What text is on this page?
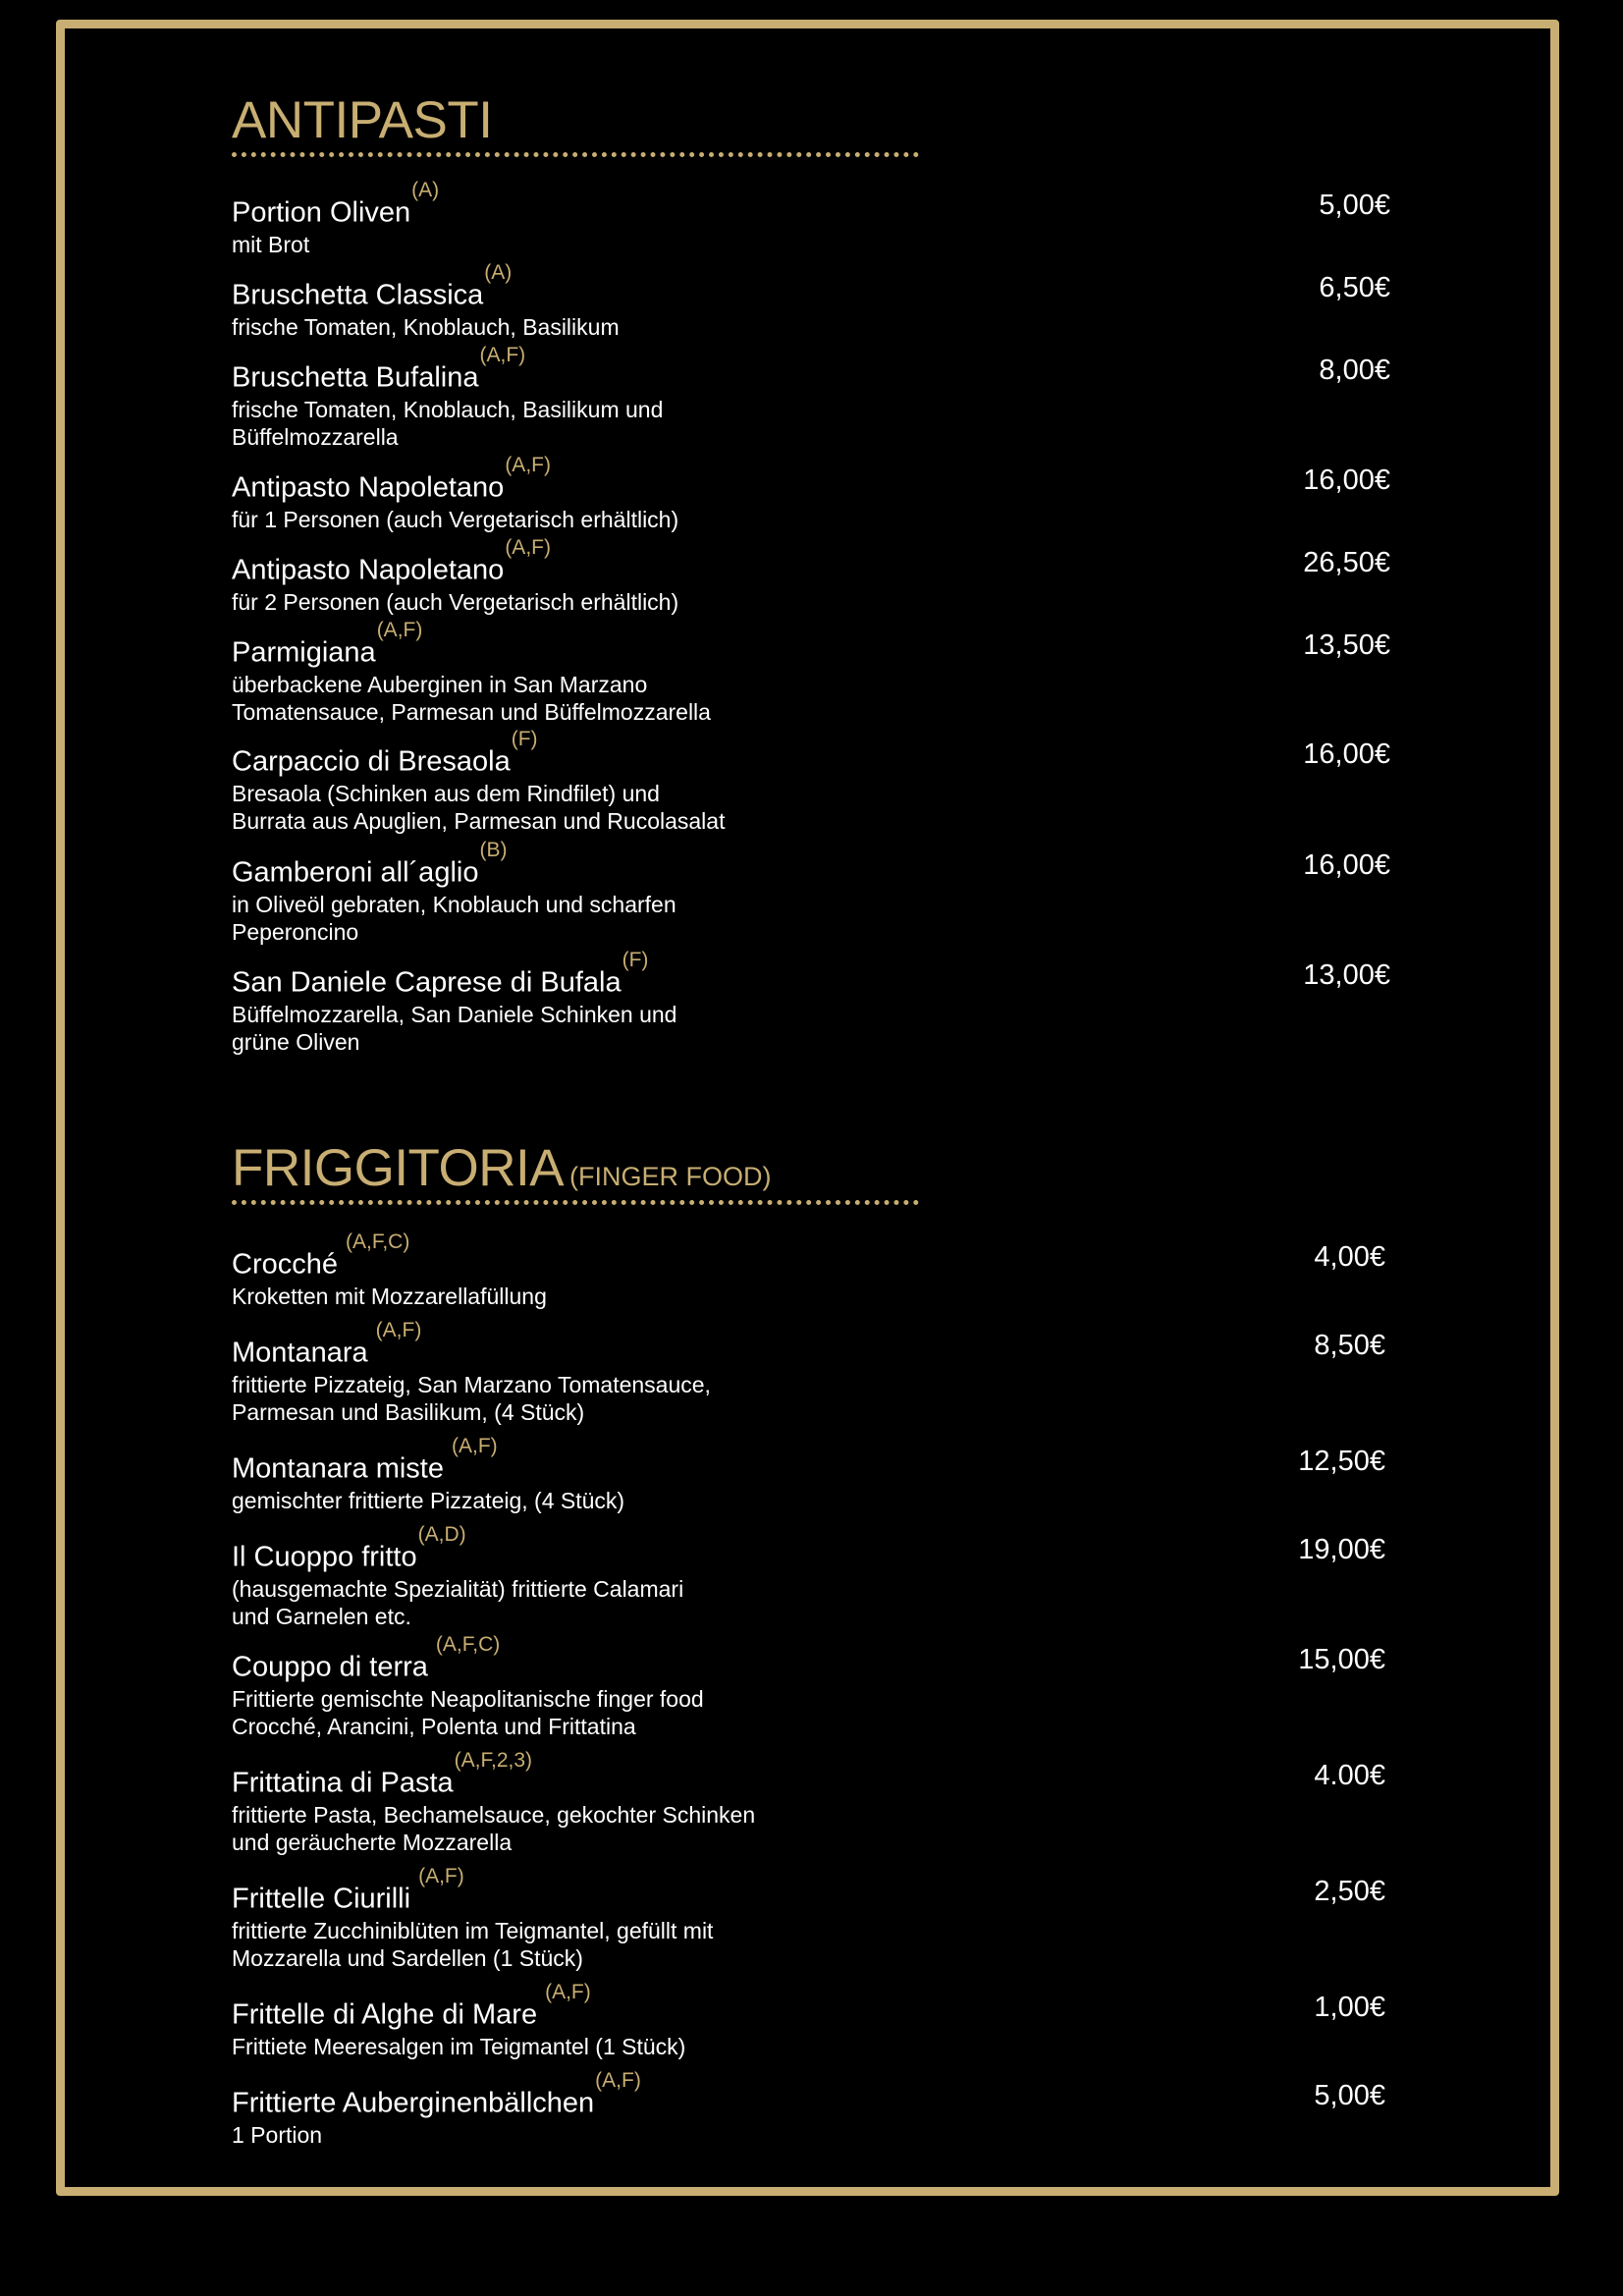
ANTIPASTI
Portion Oliven$^{(A)}$
mit Brot
5,00€
Bruschetta Classica$^{(A)}$
frische Tomaten, Knoblauch, Basilikum
6,50€
Bruschetta Bufalina$^{(A,F)}$
frische Tomaten, Knoblauch, Basilikum und
Büffelmozzarella
8,00€
Antipasto Napoletano$^{(A,F)}$
für 1 Personen (auch Vergetarisch erhältlich)
16,00€
Antipasto Napoletano$^{(A,F)}$
für 2 Personen (auch Vergetarisch erhältlich)
26,50€
Parmigiana$^{(A,F)}$
überbackene Auberginen in San Marzano
Tomatensauce, Parmesan und Büffelmozzarella
13,50€
Carpaccio di Bresaola$^{(F)}$
Bresaola (Schinken aus dem Rindfilet) und
Burrata aus Apuglien, Parmesan und Rucolasalat
16,00€
Gamberoni all´aglio$^{(B)}$
in Oliveöl gebraten, Knoblauch und scharfen
Peperoncino
16,00€
San Daniele Caprese di Bufala$^{(F)}$
Büffelmozzarella, San Daniele Schinken und
grüne Oliven
13,00€
FRIGGITORIA (FINGER FOOD)
Crocché$^{(A,F,C)}$
Kroketten mit Mozzarellafüllung
4,00€
Montanara$^{(A,F)}$
frittierte Pizzateig, San Marzano Tomatensauce,
Parmesan und Basilikum, (4 Stück)
8,50€
Montanara miste$^{(A,F)}$
gemischter frittierte Pizzateig, (4 Stück)
12,50€
Il Cuoppo fritto$^{(A,D)}$
(hausgemachte Spezialität) frittierte Calamari
und Garnelen etc.
19,00€
Couppo di terra$^{(A,F,C)}$
Frittierte gemischte Neapolitanische finger food
Crocché, Arancini, Polenta und Frittatina
15,00€
Frittatina di Pasta$^{(A,F,2,3)}$
frittierte Pasta, Bechamelsauce, gekochter Schinken
und geräucherte Mozzarella
4.00€
Frittelle Ciurilli$^{(A,F)}$
frittierte Zucchiniblüten im Teigmantel, gefüllt mit
Mozzarella und Sardellen (1 Stück)
2,50€
Frittelle di Alghe di Mare$^{(A,F)}$
Frittiete Meeresalgen im Teigmantel (1 Stück)
1,00€
Frittierte Auberginenbällchen$^{(A,F)}$
1 Portion
5,00€
